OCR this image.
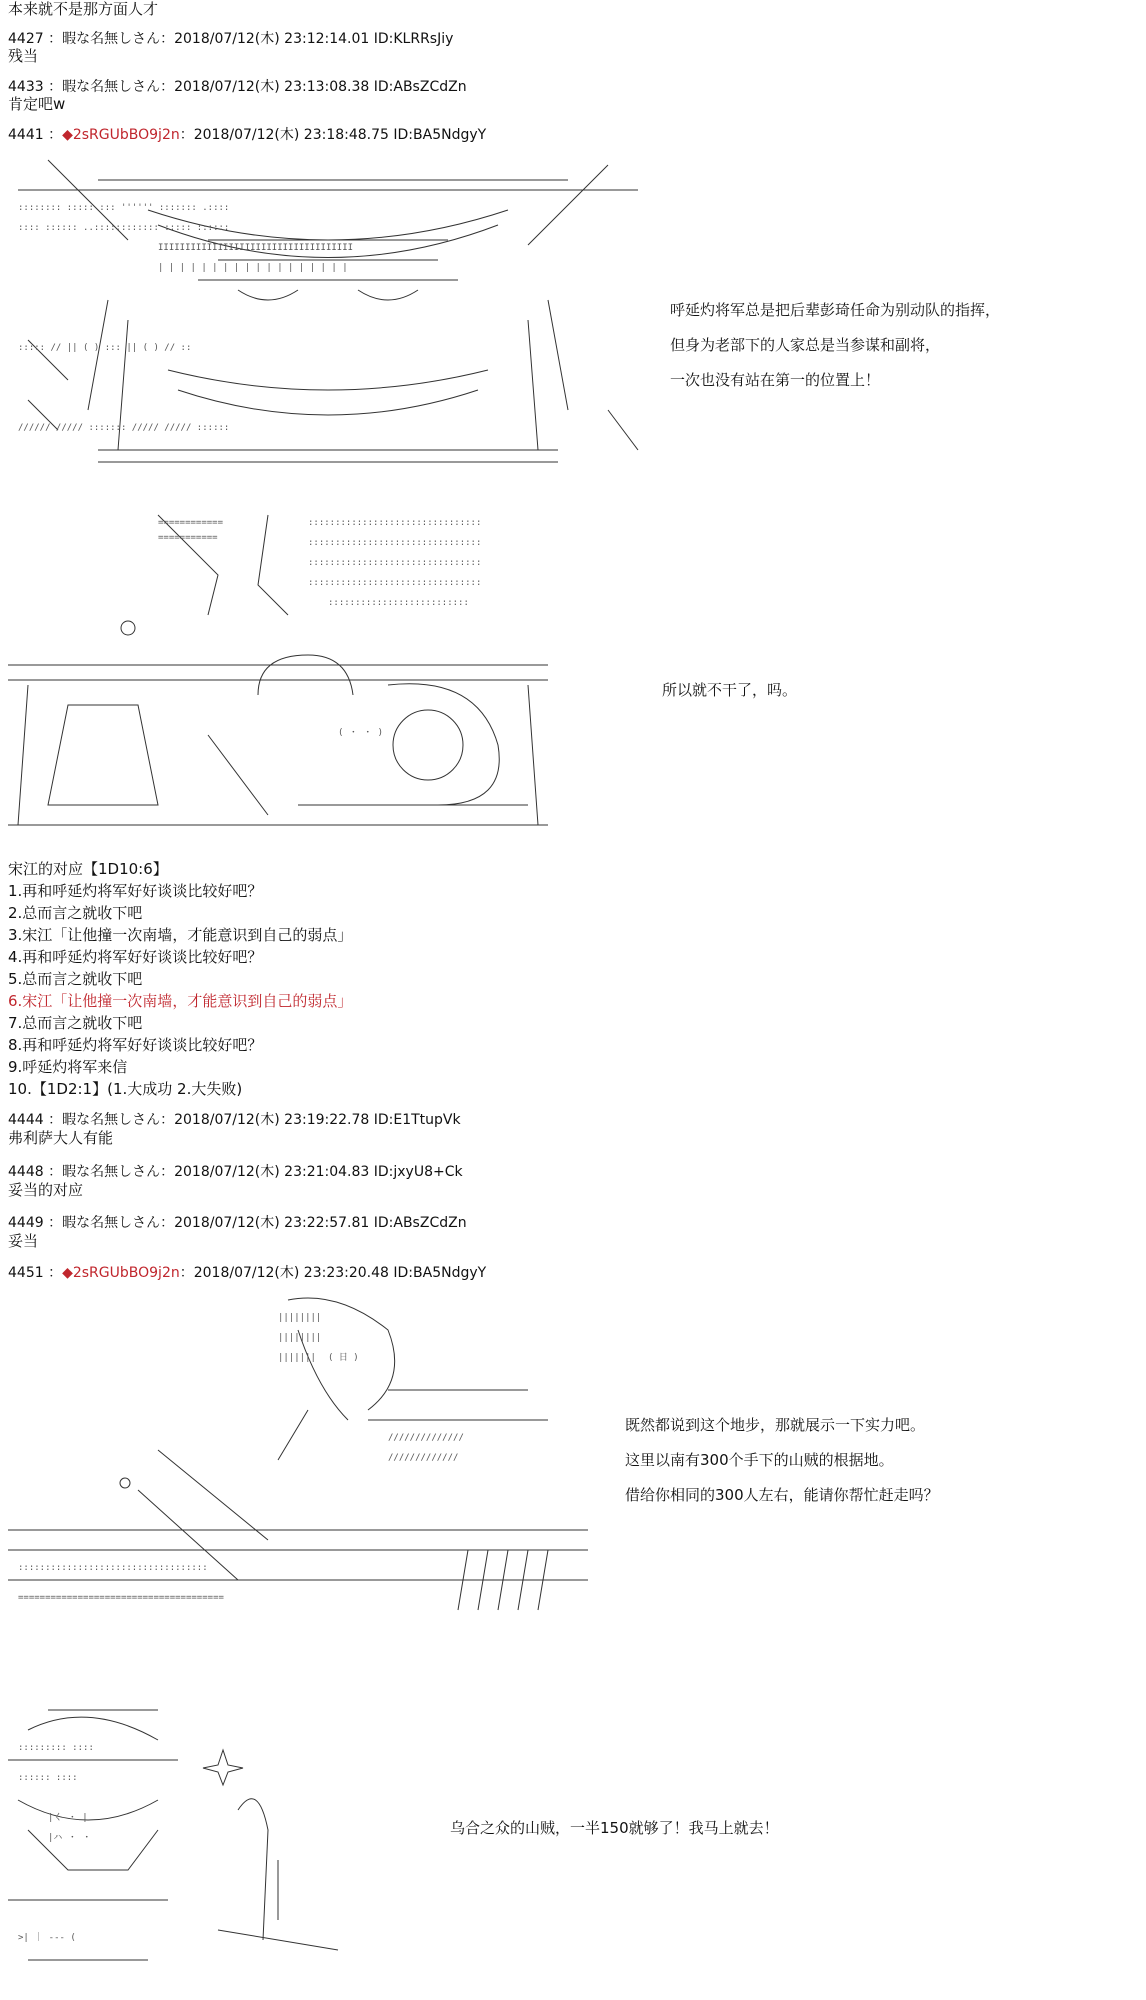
本来就不是那方面人才
4427 ：暇な名無しさん：2018/07/12(木) 23:12:14.01 ID:KLRRsJiy
残当
4433 ：暇な名無しさん：2018/07/12(木) 23:13:08.38 ID:ABsZCdZn
肯定吧w
4441 ：◆2sRGUbBO9j2n：2018/07/12(木) 23:18:48.75 ID:BA5NdgyY
呼延灼将军总是把后辈彭琦任命为别动队的指挥，
但身为老部下的人家总是当参谋和副将，
一次也没有站在第一的位置上！
所以就不干了，吗。
宋江的对应【1D10:6】
1.再和呼延灼将军好好谈谈比较好吧？
2.总而言之就收下吧
3.宋江「让他撞一次南墙，才能意识到自己的弱点」
4.再和呼延灼将军好好谈谈比较好吧？
5.总而言之就收下吧
6.宋江「让他撞一次南墙，才能意识到自己的弱点」
7.总而言之就收下吧
8.再和呼延灼将军好好谈谈比较好吧？
9.呼延灼将军来信
10.【1D2:1】(1.大成功 2.大失败)
4444 ：暇な名無しさん：2018/07/12(木) 23:19:22.78 ID:E1TtupVk
弗利萨大人有能
4448 ：暇な名無しさん：2018/07/12(木) 23:21:04.83 ID:jxyU8+Ck
妥当的对应
4449 ：暇な名無しさん：2018/07/12(木) 23:22:57.81 ID:ABsZCdZn
妥当
4451 ：◆2sRGUbBO9j2n：2018/07/12(木) 23:23:20.48 ID:BA5NdgyY
既然都说到这个地步，那就展示一下实力吧。
这里以南有300个手下的山贼的根据地。
借给你相同的300人左右，能请你帮忙赶走吗？
乌合之众的山贼，一半150就够了！我马上就去！
:::::::: ::::: ::: '''''' ::::::: .::::
:::: :::::: ..:::::::::::: ::::: ::::::
IIIIIIIIIIIIIIIIIIIIIIIIIIIIIIIIIIII
| | | | | | | | | | | | | | | | | |
::::: // || ( ) ::: || ( ) // ::
////// ///// ::::::: ///// ///// ::::::
::::::::::::::::::::::::::::::::
::::::::::::::::::::::::::::::::
::::::::::::::::::::::::::::::::
::::::::::::::::::::::::::::::::
::::::::::::::::::::::::::
============
===========
( ・ ・ )
||||||||
||||||||
||||||| ( 日 )
//////////////
/////////////
:::::::::::::::::::::::::::::::::::
======================================
::::::::: ::::
:::::: ::::
|く ・ |
|ハ ・ ・
>| ｜ --- (
